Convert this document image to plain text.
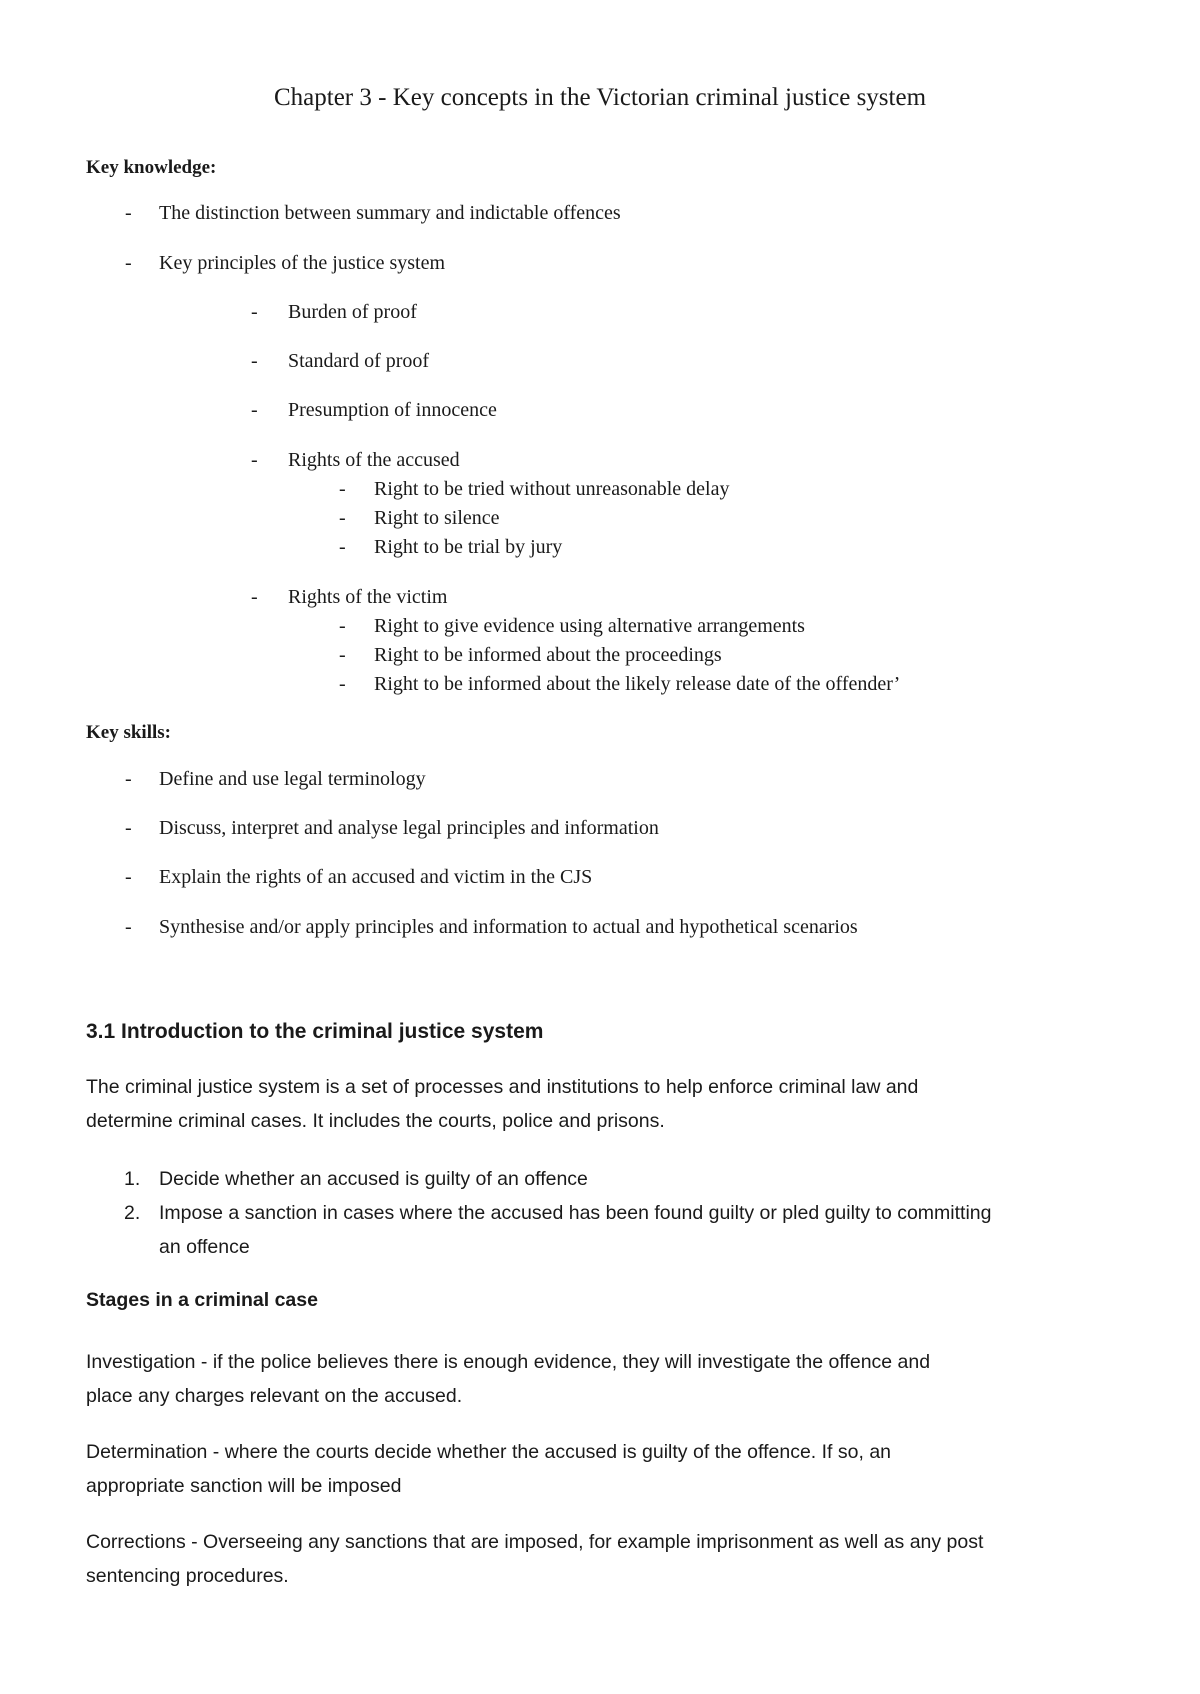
Chapter 3 - Key concepts in the Victorian criminal justice system
Key knowledge:
- The distinction between summary and indictable offences
- Key principles of the justice system
- Burden of proof
- Standard of proof
- Presumption of innocence
- Rights of the accused
- Right to be tried without unreasonable delay
- Right to silence
- Right to be trial by jury
- Rights of the victim
- Right to give evidence using alternative arrangements
- Right to be informed about the proceedings
- Right to be informed about the likely release date of the offender’
Key skills:
- Define and use legal terminology
- Discuss, interpret and analyse legal principles and information
- Explain the rights of an accused and victim in the CJS
- Synthesise and/or apply principles and information to actual and hypothetical scenarios
3.1 Introduction to the criminal justice system
The criminal justice system is a set of processes and institutions to help enforce criminal law and
determine criminal cases. It includes the courts, police and prisons.
1. Decide whether an accused is guilty of an offence
2. Impose a sanction in cases where the accused has been found guilty or pled guilty to committing
an offence
Stages in a criminal case
Investigation - if the police believes there is enough evidence, they will investigate the offence and
place any charges relevant on the accused.
Determination - where the courts decide whether the accused is guilty of the offence. If so, an
appropriate sanction will be imposed
Corrections - Overseeing any sanctions that are imposed, for example imprisonment as well as any post
sentencing procedures.
